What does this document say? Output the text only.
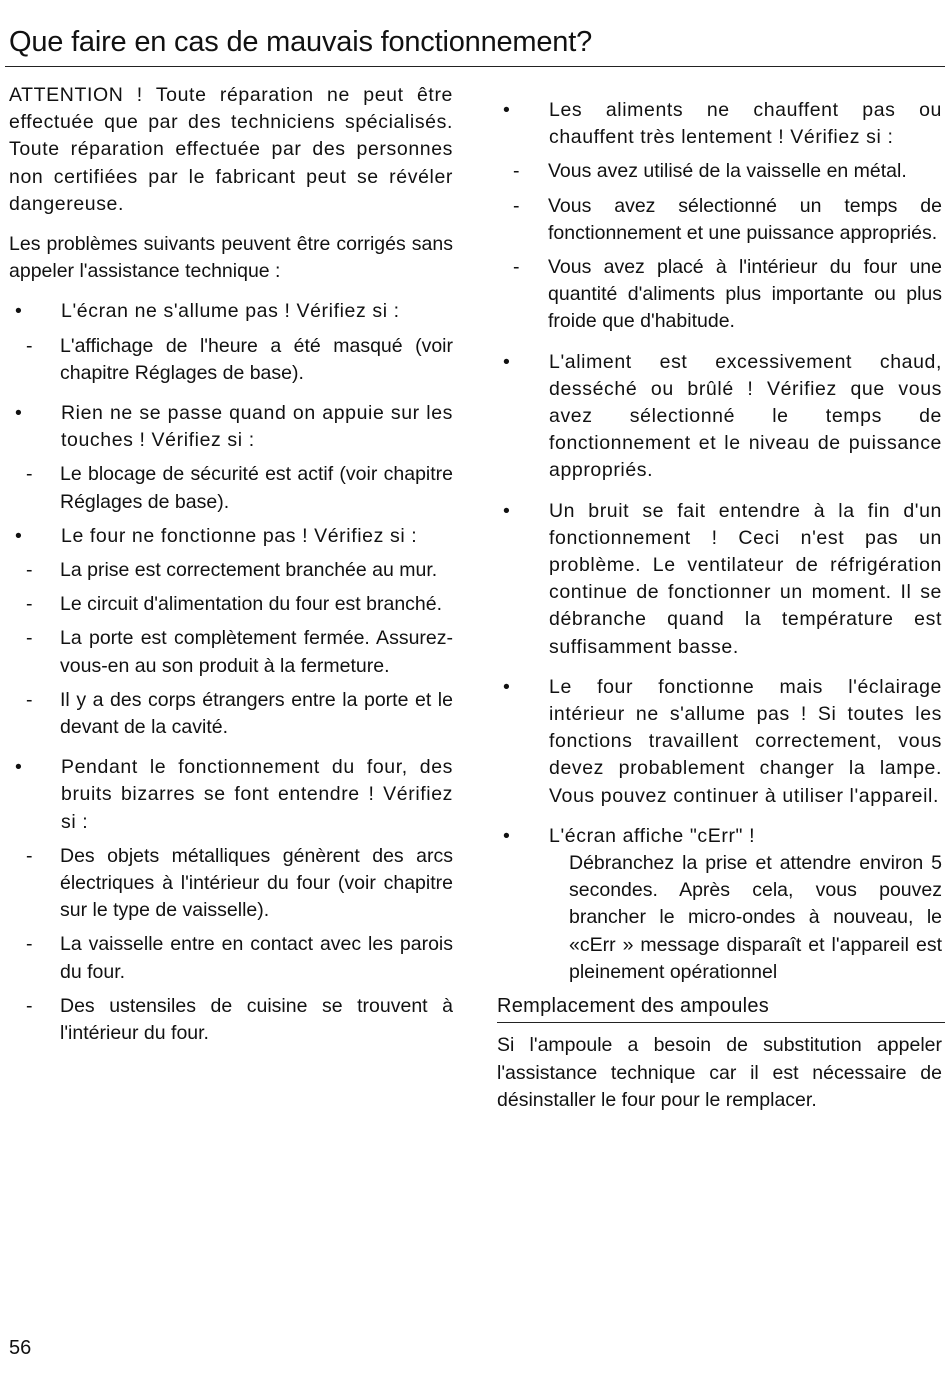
Que faire en cas de mauvais fonctionnement?

ATTENTION ! Toute réparation ne peut être effectuée que par des techniciens spécialisés. Toute réparation effectuée par des personnes non certifiées par le fabricant peut se révéler dangereuse.

Les problèmes suivants peuvent être corrigés sans appeler l'assistance technique :

• L'écran ne s'allume pas ! Vérifiez si :
- L'affichage de l'heure a été masqué (voir chapitre Réglages de base).
• Rien ne se passe quand on appuie sur les touches ! Vérifiez si :
- Le blocage de sécurité est actif (voir chapitre Réglages de base).
• Le four ne fonctionne pas ! Vérifiez si :
- La prise est correctement branchée au mur.
- Le circuit d'alimentation du four est branché.
- La porte est complètement fermée. Assurez-vous-en au son produit à la fermeture.
- Il y a des corps étrangers entre la porte et le devant de la cavité.
• Pendant le fonctionnement du four, des bruits bizarres se font entendre ! Vérifiez si :
- Des objets métalliques génèrent des arcs électriques à l'intérieur du four (voir chapitre sur le type de vaisselle).
- La vaisselle entre en contact avec les parois du four.
- Des ustensiles de cuisine se trouvent à l'intérieur du four.
• Les aliments ne chauffent pas ou chauffent très lentement ! Vérifiez si :
- Vous avez utilisé de la vaisselle en métal.
- Vous avez sélectionné un temps de fonctionnement et une puissance appropriés.
- Vous avez placé à l'intérieur du four une quantité d'aliments plus importante ou plus froide que d'habitude.
• L'aliment est excessivement chaud, desséché ou brûlé ! Vérifiez que vous avez sélectionné le temps de fonctionnement et le niveau de puissance appropriés.
• Un bruit se fait entendre à la fin d'un fonctionnement ! Ceci n'est pas un problème. Le ventilateur de réfrigération continue de fonctionner un moment. Il se débranche quand la température est suffisamment basse.
• Le four fonctionne mais l'éclairage intérieur ne s'allume pas ! Si toutes les fonctions travaillent correctement, vous devez probablement changer la lampe. Vous pouvez continuer à utiliser l'appareil.
• L'écran affiche "cErr" !

Débranchez la prise et attendre environ 5 secondes. Après cela, vous pouvez brancher le micro-ondes à nouveau, le «cErr » message disparaît et l'appareil est pleinement opérationnel

Remplacement des ampoules

Si l'ampoule a besoin de substitution appeler l'assistance technique car il est nécessaire de désinstaller le four pour le remplacer.

56
